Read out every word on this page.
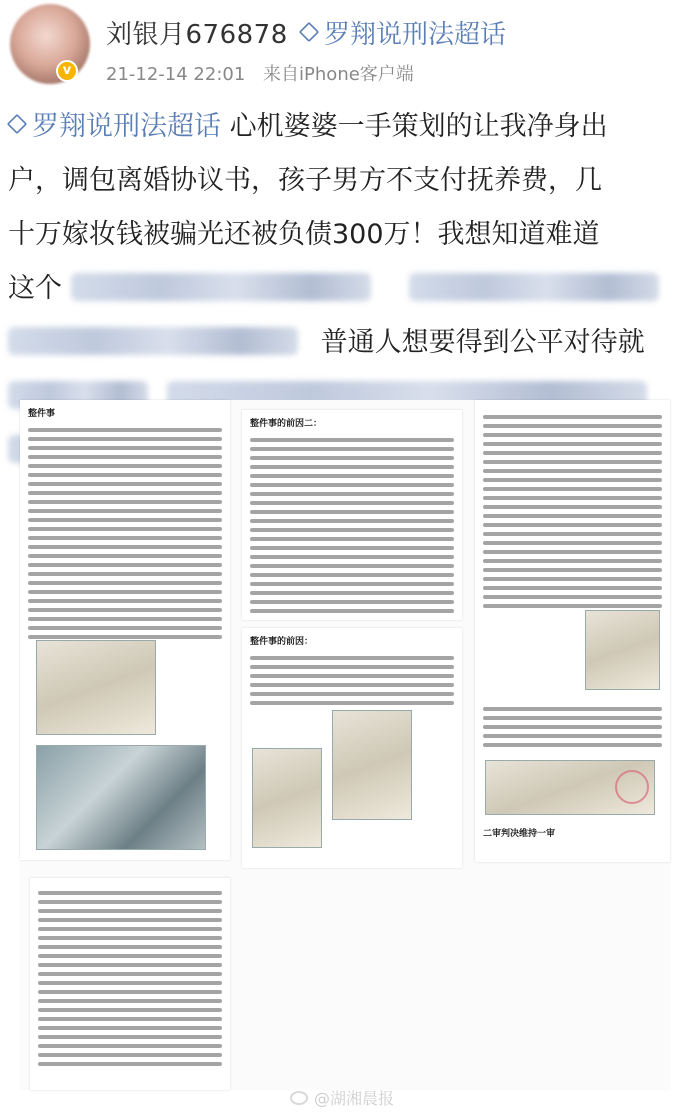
v
刘银月676878	罗翔说刑法超话
21-12-14 22:01 来自iPhone客户端
罗翔说刑法超话 心机婆婆一手策划的让我净身出
户，调包离婚协议书，孩子男方不支付抚养费，几
十万嫁妆钱被骗光还被负债300万！我想知道难道
这个
普通人想要得到公平对待就

整件事
整件事的前因二：
整件事的前因：
二审判决维持一审
@湖湘晨报
